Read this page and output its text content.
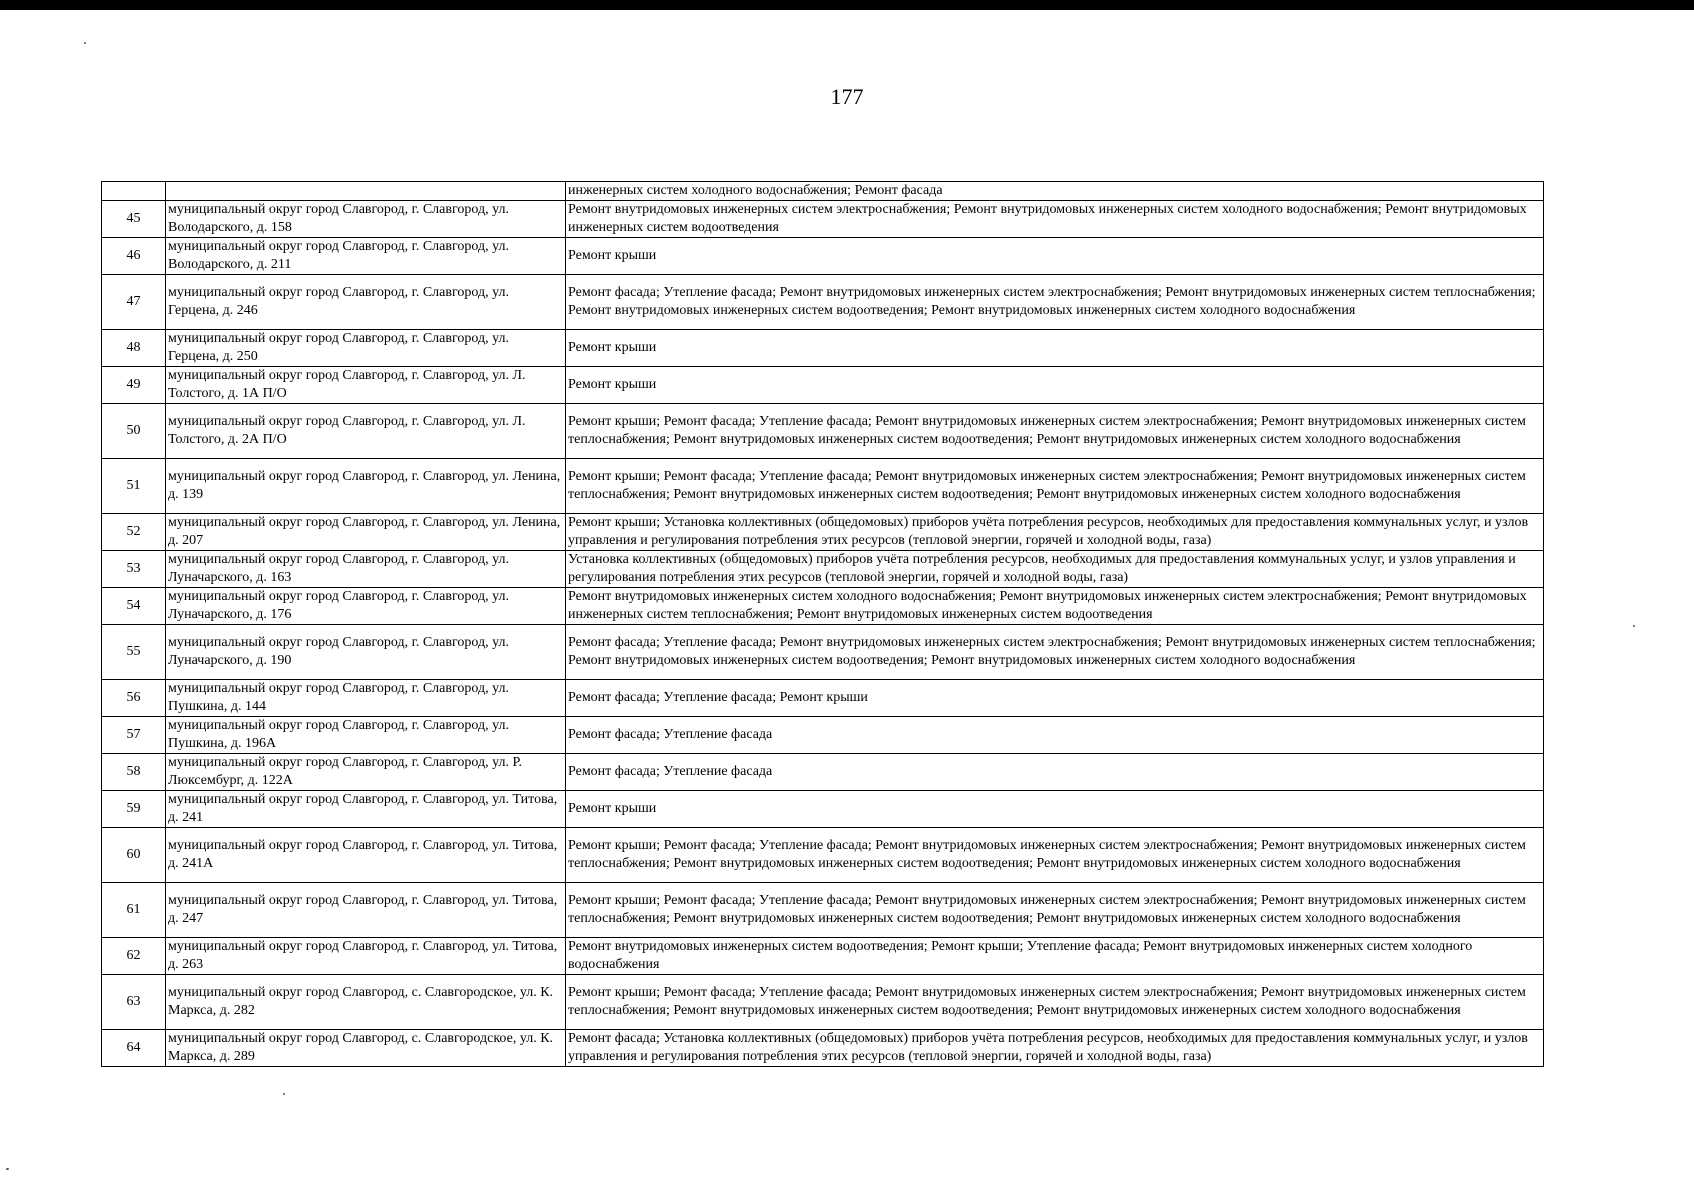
177
		инженерных систем холодного водоснабжения; Ремонт фасада
45	муниципальный округ город Славгород, г. Славгород, ул. Володарского, д. 158	Ремонт внутридомовых инженерных систем электроснабжения; Ремонт внутридомовых инженерных систем холодного водоснабжения; Ремонт внутридомовых инженерных систем водоотведения
46	муниципальный округ город Славгород, г. Славгород, ул. Володарского, д. 211	Ремонт крыши
47	муниципальный округ город Славгород, г. Славгород, ул. Герцена, д. 246	Ремонт фасада; Утепление фасада; Ремонт внутридомовых инженерных систем электроснабжения; Ремонт внутридомовых инженерных систем теплоснабжения; Ремонт внутридомовых инженерных систем водоотведения; Ремонт внутридомовых инженерных систем холодного водоснабжения
48	муниципальный округ город Славгород, г. Славгород, ул. Герцена, д. 250	Ремонт крыши
49	муниципальный округ город Славгород, г. Славгород, ул. Л. Толстого, д. 1А П/О	Ремонт крыши
50	муниципальный округ город Славгород, г. Славгород, ул. Л. Толстого, д. 2А П/О	Ремонт крыши; Ремонт фасада; Утепление фасада; Ремонт внутридомовых инженерных систем электроснабжения; Ремонт внутридомовых инженерных систем теплоснабжения; Ремонт внутридомовых инженерных систем водоотведения; Ремонт внутридомовых инженерных систем холодного водоснабжения
51	муниципальный округ город Славгород, г. Славгород, ул. Ленина, д. 139	Ремонт крыши; Ремонт фасада; Утепление фасада; Ремонт внутридомовых инженерных систем электроснабжения; Ремонт внутридомовых инженерных систем теплоснабжения; Ремонт внутридомовых инженерных систем водоотведения; Ремонт внутридомовых инженерных систем холодного водоснабжения
52	муниципальный округ город Славгород, г. Славгород, ул. Ленина, д. 207	Ремонт крыши; Установка коллективных (общедомовых) приборов учёта потребления ресурсов, необходимых для предоставления коммунальных услуг, и узлов управления и регулирования потребления этих ресурсов (тепловой энергии, горячей и холодной воды, газа)
53	муниципальный округ город Славгород, г. Славгород, ул. Луначарского, д. 163	Установка коллективных (общедомовых) приборов учёта потребления ресурсов, необходимых для предоставления коммунальных услуг, и узлов управления и регулирования потребления этих ресурсов (тепловой энергии, горячей и холодной воды, газа)
54	муниципальный округ город Славгород, г. Славгород, ул. Луначарского, д. 176	Ремонт внутридомовых инженерных систем холодного водоснабжения; Ремонт внутридомовых инженерных систем электроснабжения; Ремонт внутридомовых инженерных систем теплоснабжения; Ремонт внутридомовых инженерных систем водоотведения
55	муниципальный округ город Славгород, г. Славгород, ул. Луначарского, д. 190	Ремонт фасада; Утепление фасада; Ремонт внутридомовых инженерных систем электроснабжения; Ремонт внутридомовых инженерных систем теплоснабжения; Ремонт внутридомовых инженерных систем водоотведения; Ремонт внутридомовых инженерных систем холодного водоснабжения
56	муниципальный округ город Славгород, г. Славгород, ул. Пушкина, д. 144	Ремонт фасада; Утепление фасада; Ремонт крыши
57	муниципальный округ город Славгород, г. Славгород, ул. Пушкина, д. 196А	Ремонт фасада; Утепление фасада
58	муниципальный округ город Славгород, г. Славгород, ул. Р. Люксембург, д. 122А	Ремонт фасада; Утепление фасада
59	муниципальный округ город Славгород, г. Славгород, ул. Титова, д. 241	Ремонт крыши
60	муниципальный округ город Славгород, г. Славгород, ул. Титова, д. 241А	Ремонт крыши; Ремонт фасада; Утепление фасада; Ремонт внутридомовых инженерных систем электроснабжения; Ремонт внутридомовых инженерных систем теплоснабжения; Ремонт внутридомовых инженерных систем водоотведения; Ремонт внутридомовых инженерных систем холодного водоснабжения
61	муниципальный округ город Славгород, г. Славгород, ул. Титова, д. 247	Ремонт крыши; Ремонт фасада; Утепление фасада; Ремонт внутридомовых инженерных систем электроснабжения; Ремонт внутридомовых инженерных систем теплоснабжения; Ремонт внутридомовых инженерных систем водоотведения; Ремонт внутридомовых инженерных систем холодного водоснабжения
62	муниципальный округ город Славгород, г. Славгород, ул. Титова, д. 263	Ремонт внутридомовых инженерных систем водоотведения; Ремонт крыши; Утепление фасада; Ремонт внутридомовых инженерных систем холодного водоснабжения
63	муниципальный округ город Славгород, с. Славгородское, ул. К. Маркса, д. 282	Ремонт крыши; Ремонт фасада; Утепление фасада; Ремонт внутридомовых инженерных систем электроснабжения; Ремонт внутридомовых инженерных систем теплоснабжения; Ремонт внутридомовых инженерных систем водоотведения; Ремонт внутридомовых инженерных систем холодного водоснабжения
64	муниципальный округ город Славгород, с. Славгородское, ул. К. Маркса, д. 289	Ремонт фасада; Установка коллективных (общедомовых) приборов учёта потребления ресурсов, необходимых для предоставления коммунальных услуг, и узлов управления и регулирования потребления этих ресурсов (тепловой энергии, горячей и холодной воды, газа)
